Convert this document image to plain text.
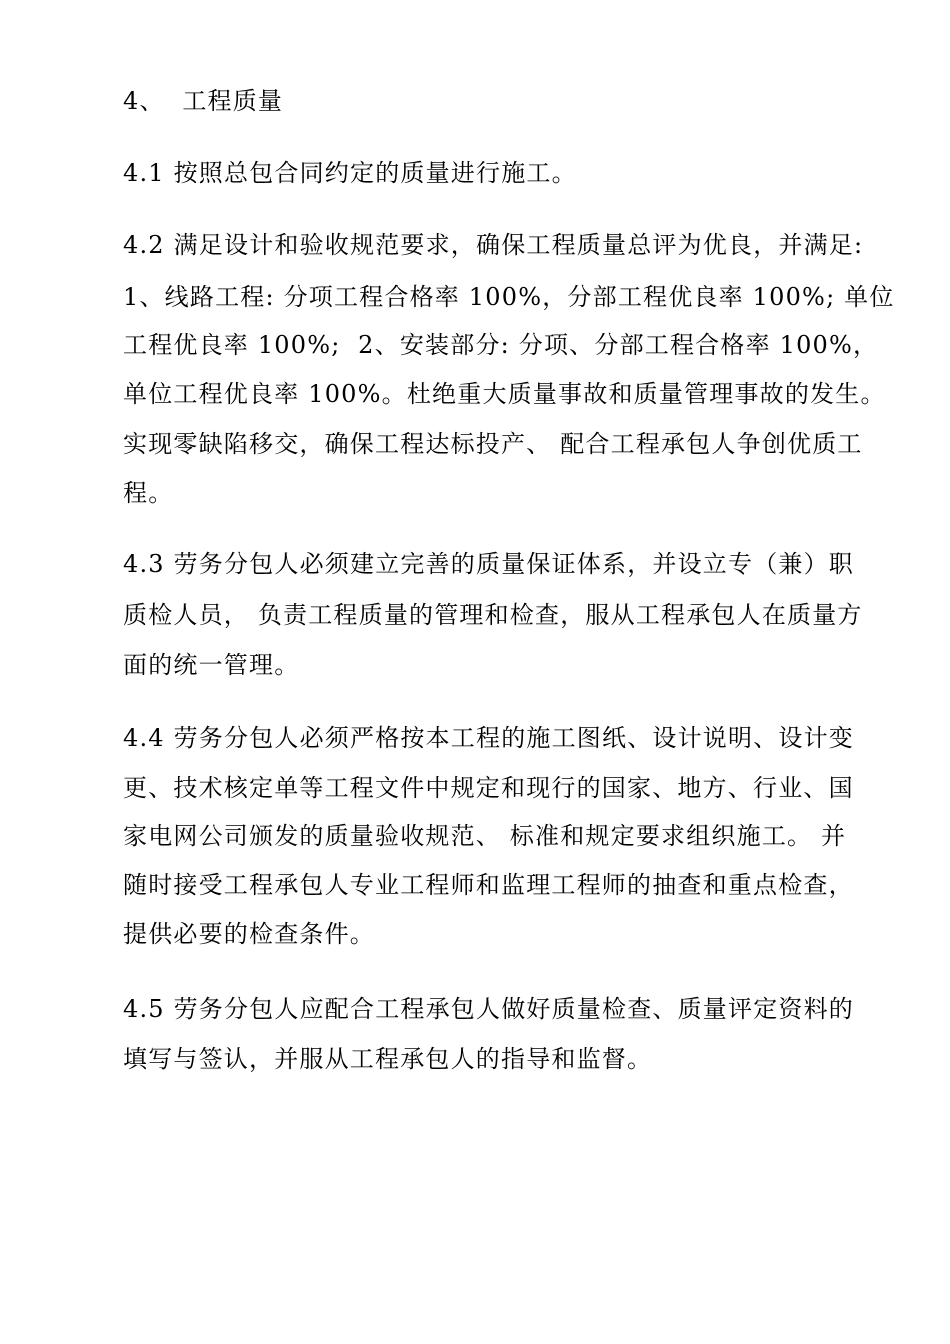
4、  工程质量
4.1 按照总包合同约定的质量进行施工。
4.2 满足设计和验收规范要求，确保工程质量总评为优良，并满足:
1、线路工程: 分项工程合格率 100%，分部工程优良率 100%; 单位
工程优良率 100%;  2、安装部分: 分项、分部工程合格率 100%，
单位工程优良率 100%。杜绝重大质量事故和质量管理事故的发生。
实现零缺陷移交，确保工程达标投产、 配合工程承包人争创优质工
程。
4.3 劳务分包人必须建立完善的质量保证体系，并设立专（兼）职
质检人员， 负责工程质量的管理和检查，服从工程承包人在质量方
面的统一管理。
4.4 劳务分包人必须严格按本工程的施工图纸、设计说明、设计变
更、技术核定单等工程文件中规定和现行的国家、地方、行业、国
家电网公司颁发的质量验收规范、 标准和规定要求组织施工。 并
随时接受工程承包人专业工程师和监理工程师的抽查和重点检查，
提供必要的检查条件。
4.5 劳务分包人应配合工程承包人做好质量检查、质量评定资料的
填写与签认，并服从工程承包人的指导和监督。
